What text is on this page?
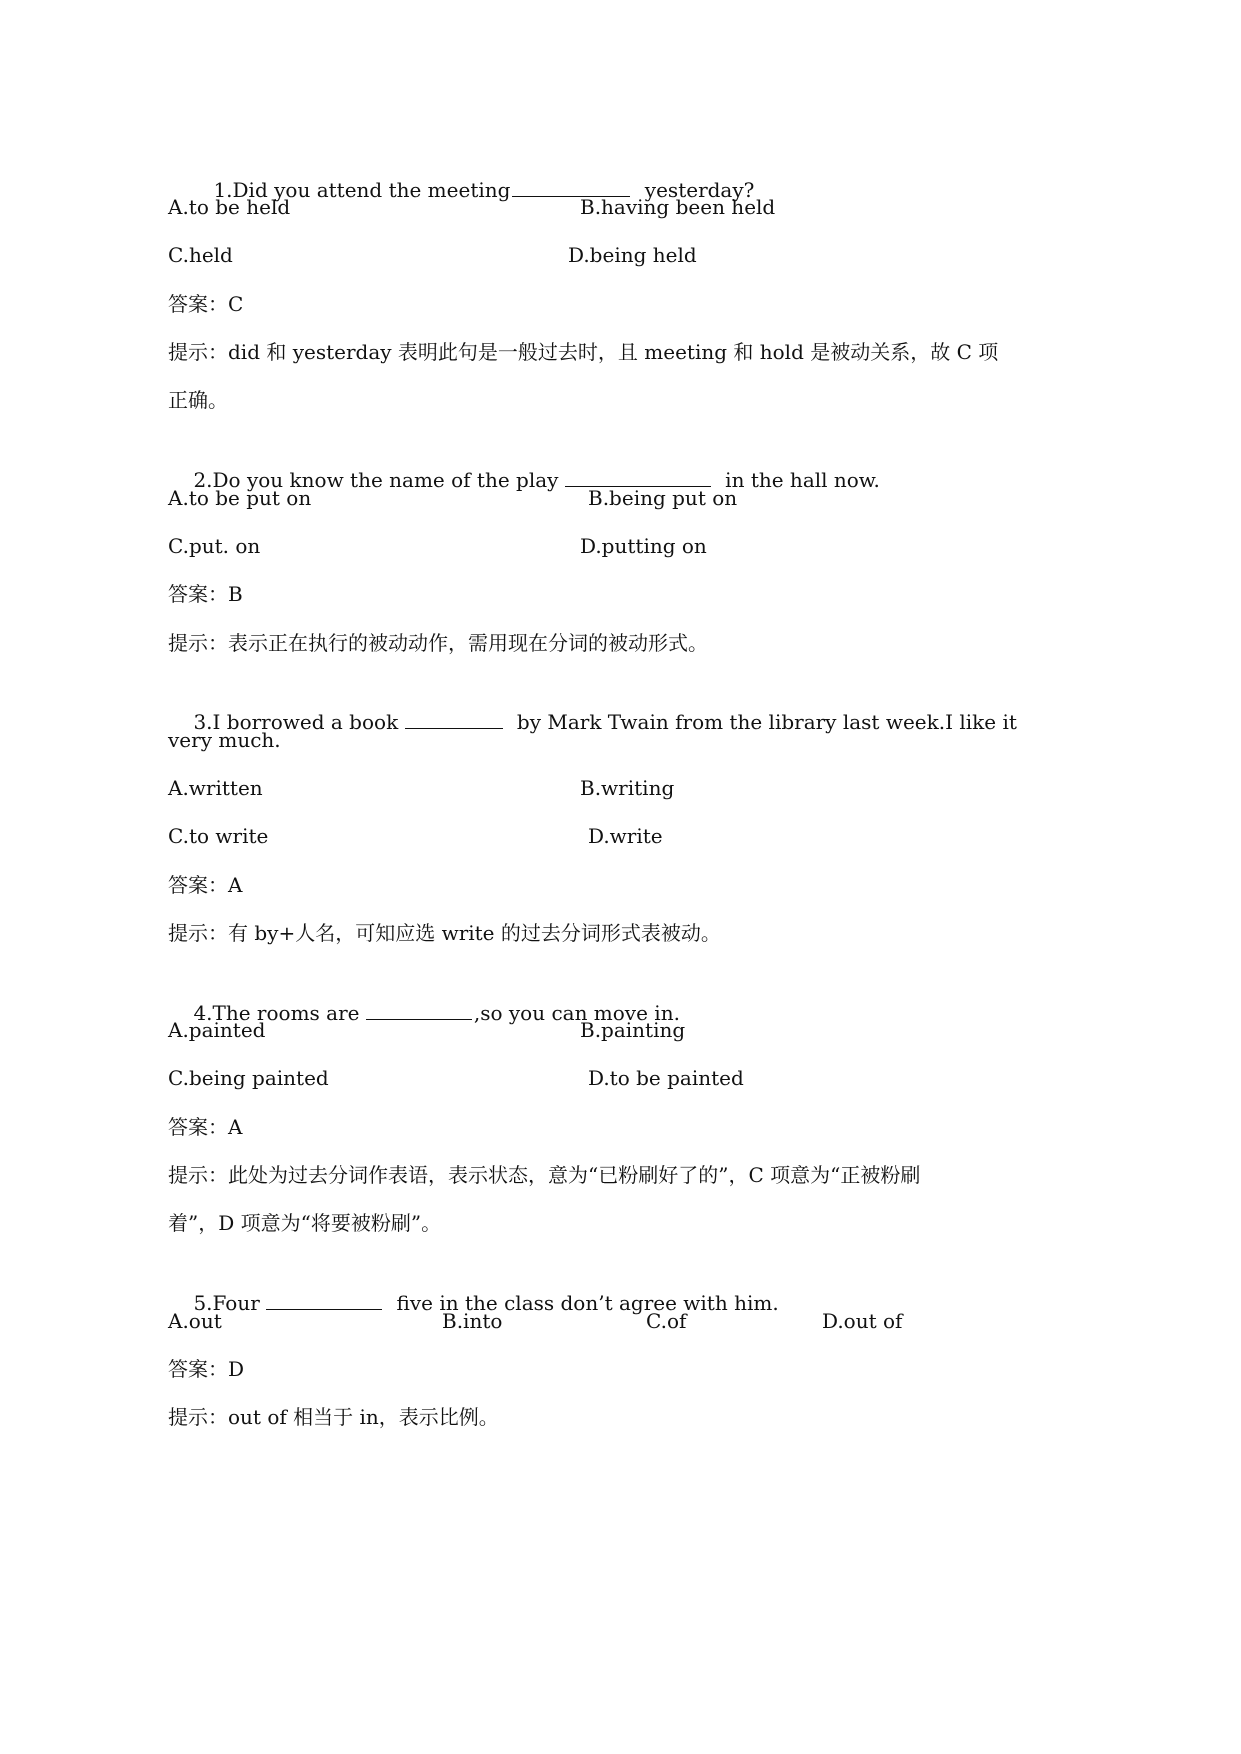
1.Did you attend the meeting	yesterday?

A.to be held	B.having been held
C.held	D.being held
答案：C
提示：did 和 yesterday 表明此句是一般过去时，且 meeting 和 hold 是被动关系，故 C 项
正确。

2.Do you know the name of the play	in the hall now.

A.to be put on	B.being put on
C.put. on	D.putting on
答案：B
提示：表示正在执行的被动动作，需用现在分词的被动形式。

3.I borrowed a book	by Mark Twain from the library last week.I like it

very much.
A.written	B.writing
C.to write	D.write
答案：A
提示：有 by+人名，可知应选 write 的过去分词形式表被动。

4.The rooms are	,so you can move in.

A.painted	B.painting
C.being painted	D.to be painted
答案：A
提示：此处为过去分词作表语，表示状态，意为“已粉刷好了的”，C 项意为“正被粉刷
着”，D 项意为“将要被粉刷”。

5.Four	five in the class don’t agree with him.

A.out	B.into	C.of	D.out of
答案：D
提示：out of 相当于 in，表示比例。
